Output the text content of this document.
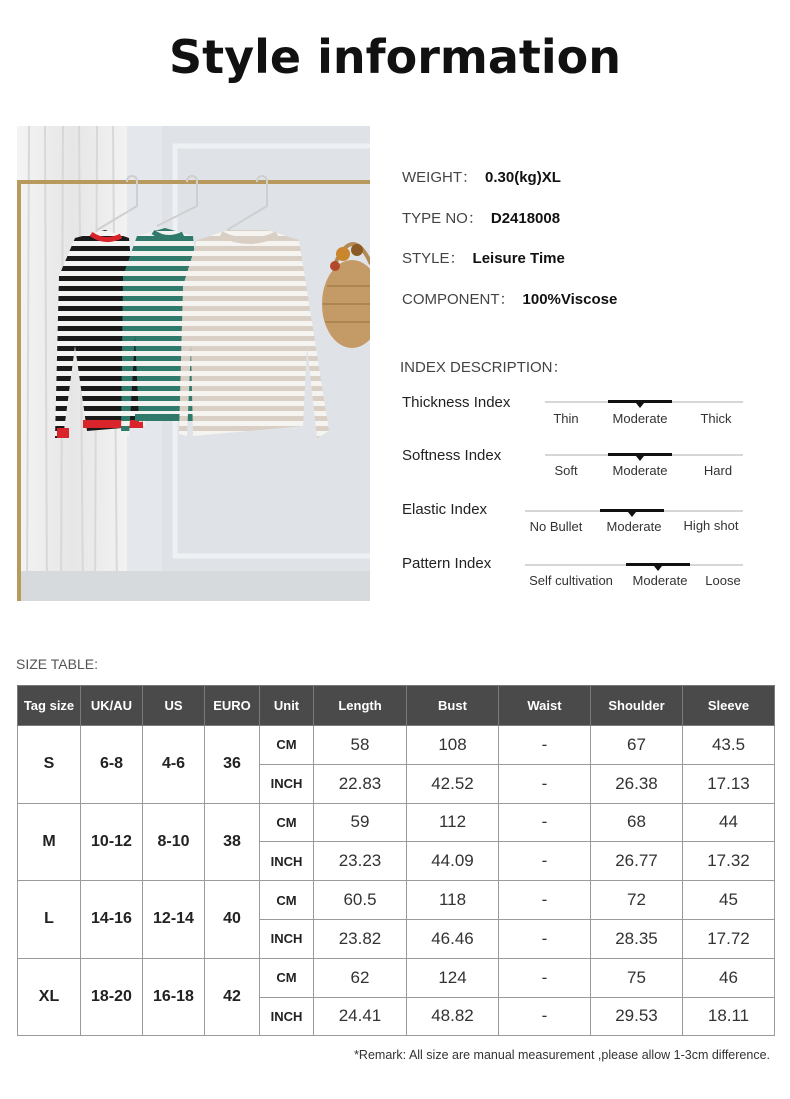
Style information
WEIGHT： 0.30(kg)XL
TYPE NO： D2418008
STYLE： Leisure Time
COMPONENT： 100%Viscose
INDEX DESCRIPTION：
Thickness Index
Thin	Moderate	Thick
Softness Index
Soft	Moderate	Hard
Elastic Index
No Bullet Moderate High shot
Pattern Index
Self cultivation Moderate Loose
SIZE TABLE:
Tag size	UK/AU	US	EURO	Unit	Length	Bust	Waist	Shoulder	Sleeve
S	6-8	4-6	36	CM	58	108	-	67	43.5
				INCH	22.83	42.52	-	26.38	17.13
M	10-12	8-10	38	CM	59	112	-	68	44
				INCH	23.23	44.09	-	26.77	17.32
L	14-16	12-14	40	CM	60.5	118	-	72	45
				INCH	23.82	46.46	-	28.35	17.72
XL	18-20	16-18	42	CM	62	124	-	75	46
				INCH	24.41	48.82	-	29.53	18.11
*Remark: All size are manual measurement ,please allow 1-3cm difference.
